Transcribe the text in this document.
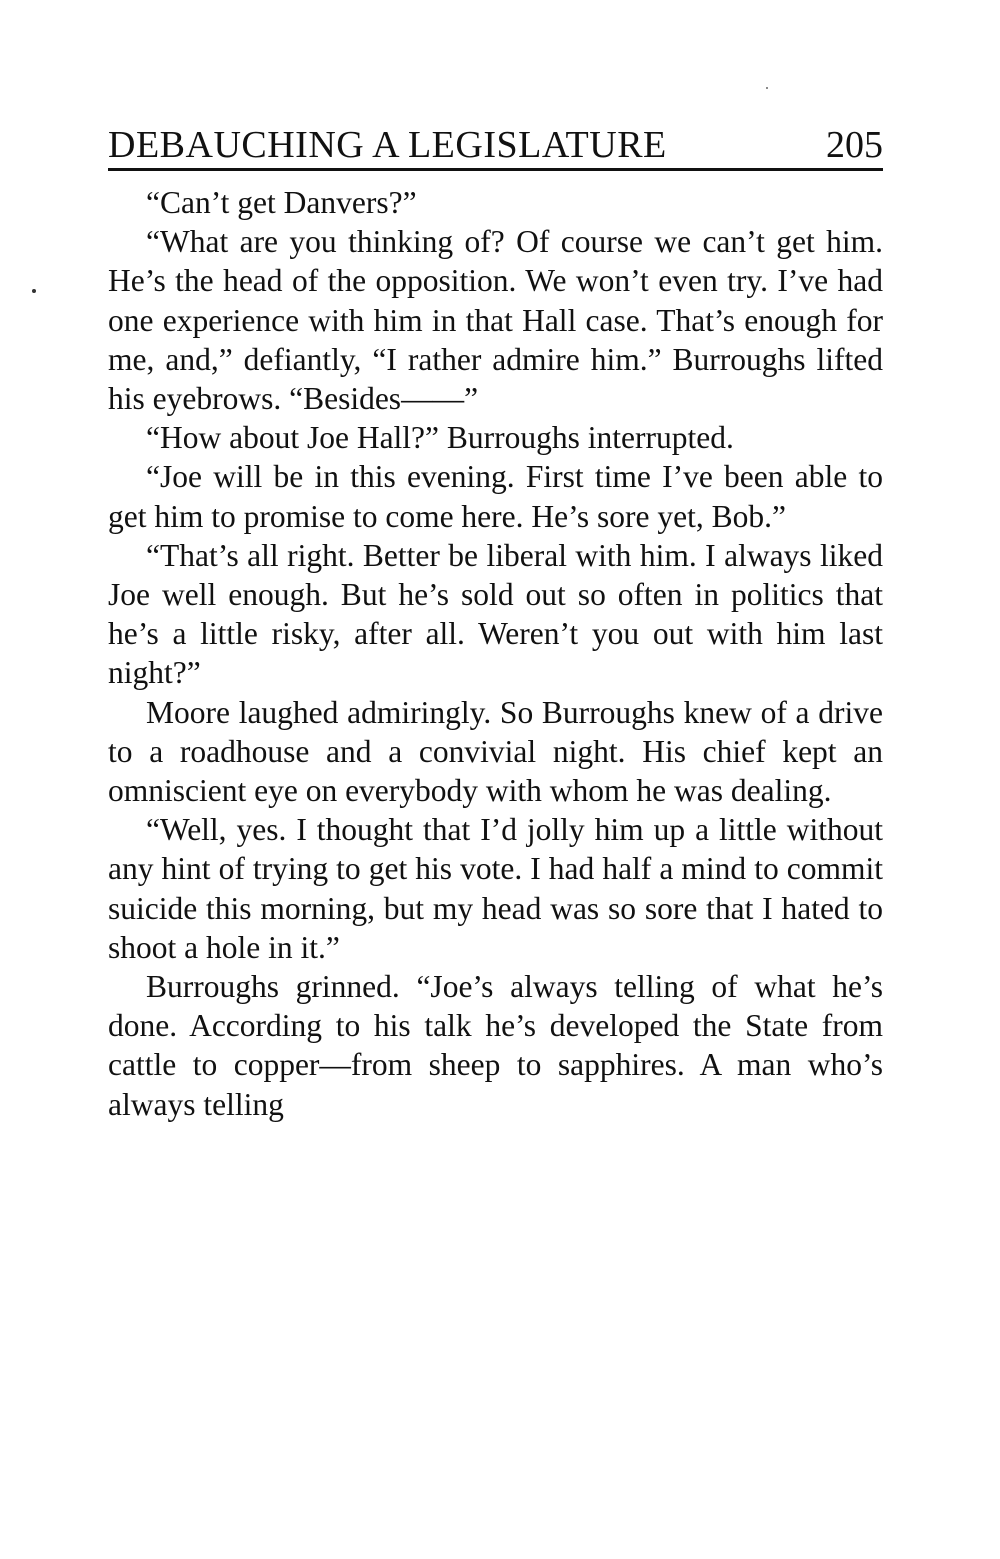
DEBAUCHING A LEGISLATURE	205

“Can’t get Danvers?”

“What are you thinking of? Of course we can’t get him. He’s the head of the opposition. We won’t even try. I’ve had one experience with him in that Hall case. That’s enough for me, and,” defiantly, “I rather admire him.” Burroughs lifted his eyebrows. “Besides——”

“How about Joe Hall?” Burroughs interrupted.

“Joe will be in this evening. First time I’ve been able to get him to promise to come here. He’s sore yet, Bob.”

“That’s all right. Better be liberal with him. I always liked Joe well enough. But he’s sold out so often in politics that he’s a little risky, after all. Weren’t you out with him last night?”

Moore laughed admiringly. So Burroughs knew of a drive to a roadhouse and a convivial night. His chief kept an omniscient eye on everybody with whom he was dealing.

“Well, yes. I thought that I’d jolly him up a little without any hint of trying to get his vote. I had half a mind to commit suicide this morning, but my head was so sore that I hated to shoot a hole in it.”

Burroughs grinned. “Joe’s always telling of what he’s done. According to his talk he’s developed the State from cattle to copper—from sheep to sapphires. A man who’s always telling
